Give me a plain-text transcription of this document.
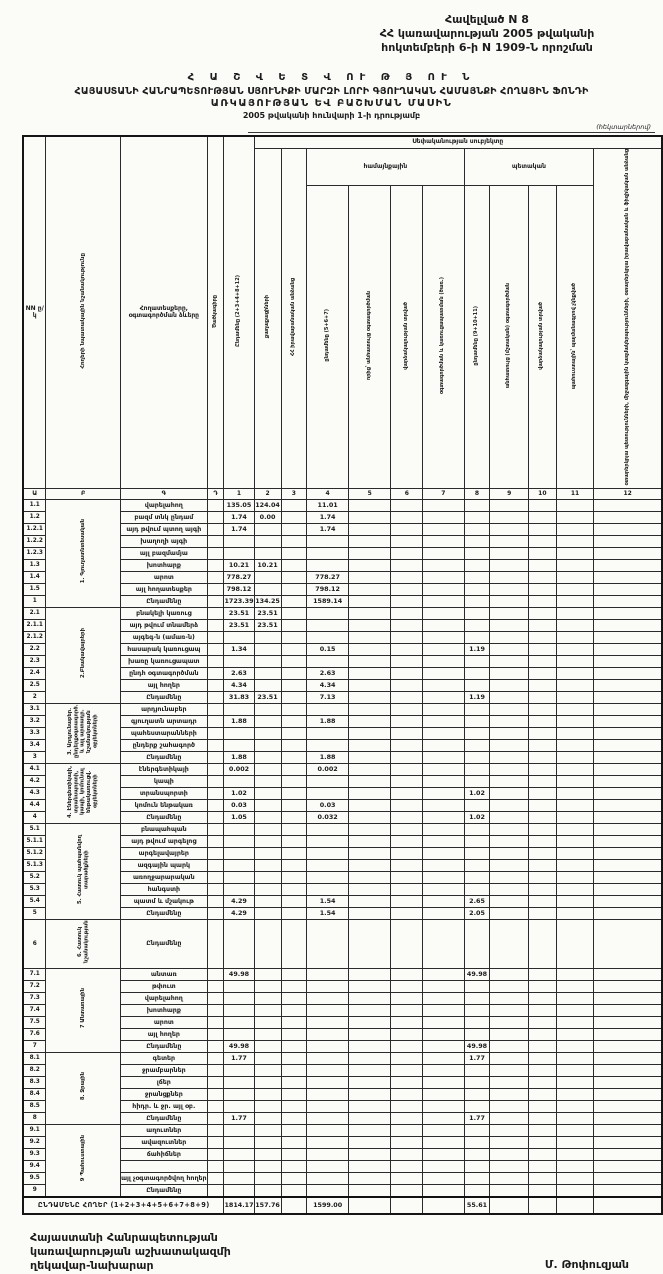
Հավելված N 8
ՀՀ կառավարության 2005 թվականի
հոկտեմբերի 6-ի N 1909-Ն որոշման
Հ Ա Շ Վ Ե Տ Վ ՈՒ Թ Յ ՈՒ Ն
ՀԱՅԱՍՏԱՆԻ ՀԱՆՐԱՊԵՏՈՒԹՅԱՆ ՍՅՈՒՆԻՔԻ ՄԱՐԶԻ ԼՈՐԻ ԳՅՈՒՂԱԿԱՆ ՀԱՄԱՅՆՔԻ ՀՈՂԱՅԻՆ ՖՈՆԴԻ
ԱՌԿԱՅՈՒԹՅԱՆ ԵՎ ԲԱՇԽՄԱՆ ՄԱՍԻՆ
2005 թվականի հունվարի 1-ի դրությամբ
(հեկտարներով)
NN ը/կ	Հողերի նպատակային նշանակությունը	Հողատեսքերը, օգտագործման ձևերը	Ծածկագիրը	Ընդամենը (2+3+4+8+12)	Սեփականության սուբյեկտը										
					քաղաքացիների	ՀՀ իրավաբանական անձանց	համայնքային				պետական				օտարերկրյա պետությունների, միջազգային կազմակերպությունների, օտարերկրյա իրավաբանական և ֆիզիկական անձանց
							ընդամենը (5+6+7)	որից՝ անհատույց օգտագործման	վարձակալության տրված	օգտագործման և կառուցապատման (ծառ.)	ընդամենը (9+10+11)	անհատույց (մշտական) օգտագործման	վարձակալության տրված	պահուստային՝ պայմանագրով չկնքված	
Ա	Բ	Գ	Դ	1	2	3	4	5	6	7	8	9	10	11	12
1.1	1. Գյուղատնտեսական	վարելահող		135.05	124.04		11.01								
1.2		բազմ տնկ ընդամ		1.74	0.00		1.74								
1.2.1		այդ թվում պտող այգի		1.74			1.74								
1.2.2		խաղողի այգի													
1.2.3		այլ բազմամյա													
1.3		խոտհարք		10.21	10.21										
1.4		արոտ		778.27			778.27								
1.5		այլ հողատեսքեր		798.12			798.12								
1		Ընդամենը		1723.39	134.25		1589.14								
2.1	2.Բնակավայրերի	բնակելի կառուց		23.51	23.51										
2.1.1		այդ թվում տնամերձ		23.51	23.51										
2.1.2		այգեգ-ն (ամառ-ն)													
2.2		հասարակ կառուցապ		1.34			0.15				1.19				
2.3		խառը կառուցապատ													
2.4		ընդհ օգտագործման		2.63			2.63								
2.5		այլ հողեր		4.34			4.34								
2		Ընդամենը		31.83	23.51		7.13				1.19				
3.1	3. Արդյունաբեր. ընդերքօգտագործ. և այլ արտադր. նշանակության օբյեկտների	արդյունաբեր													
3.2		գյուղատն արտադր		1.88			1.88								
3.3		պահեստարանների													
3.4		ընդերք շահագործ													
3		Ընդամենը		1.88			1.88								
4.1	4. Էներգետիկայի, տրանսպորտի, կապի, կոմունալ ենթակառուցվ. օբյեկտների	էներգետիկայի		0.002			0.002								
4.2		կապի													
4.3		տրանսպորտի		1.02							1.02				
4.4		կոմուն ենթակառ		0.03			0.03								
4		Ընդամենը		1.05			0.032				1.02				
5.1	5. Հատուկ պահպանվող տարածքների	բնապահպան													
5.1.1		այդ թվում արգելոց													
5.1.2		արգելավայրեր													
5.1.3		ազգային պարկ													
5.2		առողջարարական													
5.3		հանգստի													
5.4		պատմ և մշակութ		4.29			1.54				2.65				
5		Ընդամենը		4.29			1.54				2.05				
6	6. Հատուկ նշանակության	Ընդամենը													
7.1	7 Անտառային	անտառ		49.98							49.98				
7.2		թփուտ													
7.3		վարելահող													
7.4		խոտհարք													
7.5		արոտ													
7.6		այլ հողեր													
7		Ընդամենը		49.98							49.98				
8.1	8. Ջրային	գետեր		1.77							1.77				
8.2		ջրամբարներ													
8.3		լճեր													
8.4		ջրանցքներ													
8.5		հիդր. և ջր. այլ օբ.													
8		Ընդամենը		1.77							1.77				
9.1	9 Պահուստային	աղուտներ													
9.2		ավազուտներ													
9.3		ճահիճներ													
9.4															
9.5		այլ չօգտագործվող հողեր													
9		Ընդամենը													
ԸՆԴԱՄԵՆԸ ՀՈՂԵՐ (1+2+3+4+5+6+7+8+9)				1814.17	157.76		1599.00				55.61				
Հայաստանի Հանրապետության
կառավարության աշխատակազմի
ղեկավար-նախարար	Մ. Թոփուզյան
